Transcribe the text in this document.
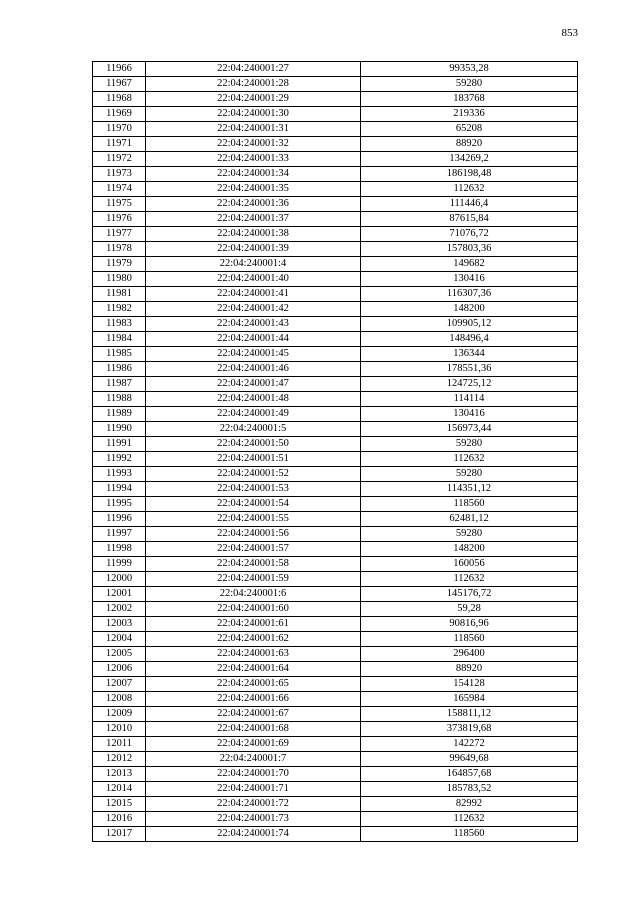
853
11966	22:04:240001:27	99353,28
11967	22:04:240001:28	59280
11968	22:04:240001:29	183768
11969	22:04:240001:30	219336
11970	22:04:240001:31	65208
11971	22:04:240001:32	88920
11972	22:04:240001:33	134269,2
11973	22:04:240001:34	186198,48
11974	22:04:240001:35	112632
11975	22:04:240001:36	111446,4
11976	22:04:240001:37	87615,84
11977	22:04:240001:38	71076,72
11978	22:04:240001:39	157803,36
11979	22:04:240001:4	149682
11980	22:04:240001:40	130416
11981	22:04:240001:41	116307,36
11982	22:04:240001:42	148200
11983	22:04:240001:43	109905,12
11984	22:04:240001:44	148496,4
11985	22:04:240001:45	136344
11986	22:04:240001:46	178551,36
11987	22:04:240001:47	124725,12
11988	22:04:240001:48	114114
11989	22:04:240001:49	130416
11990	22:04:240001:5	156973,44
11991	22:04:240001:50	59280
11992	22:04:240001:51	112632
11993	22:04:240001:52	59280
11994	22:04:240001:53	114351,12
11995	22:04:240001:54	118560
11996	22:04:240001:55	62481,12
11997	22:04:240001:56	59280
11998	22:04:240001:57	148200
11999	22:04:240001:58	160056
12000	22:04:240001:59	112632
12001	22:04:240001:6	145176,72
12002	22:04:240001:60	59,28
12003	22:04:240001:61	90816,96
12004	22:04:240001:62	118560
12005	22:04:240001:63	296400
12006	22:04:240001:64	88920
12007	22:04:240001:65	154128
12008	22:04:240001:66	165984
12009	22:04:240001:67	158811,12
12010	22:04:240001:68	373819,68
12011	22:04:240001:69	142272
12012	22:04:240001:7	99649,68
12013	22:04:240001:70	164857,68
12014	22:04:240001:71	185783,52
12015	22:04:240001:72	82992
12016	22:04:240001:73	112632
12017	22:04:240001:74	118560
